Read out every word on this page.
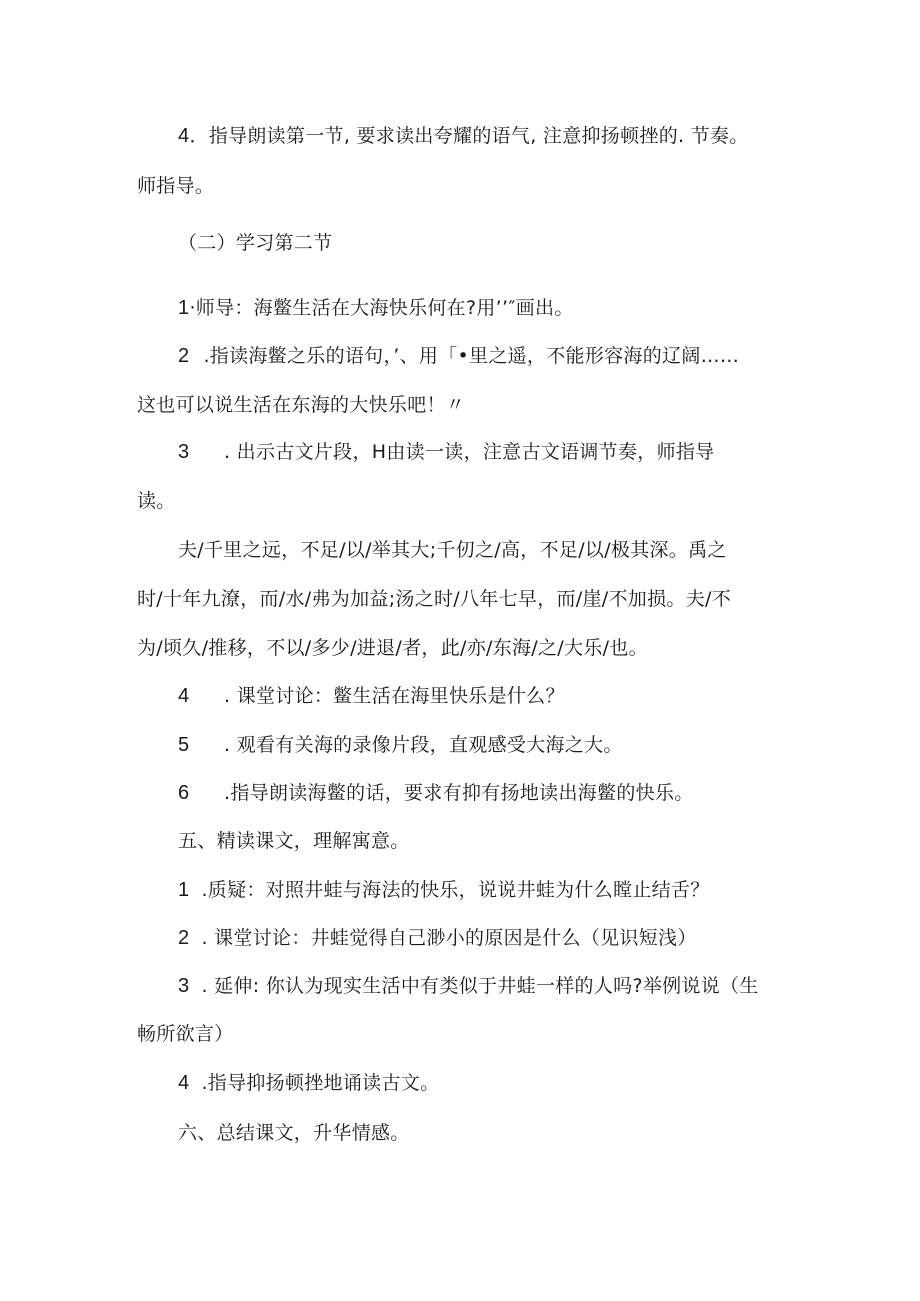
4．指导朗读第一节, 要求读出夸耀的语气, 注意抑扬顿挫的. 节奏。
师指导。
（二）学习第二节
1·师导：海鳖生活在大海快乐何在?用’’″画出。
2 .指读海鳖之乐的语句，’、用「•里之遥，不能形容海的辽阔……
这也可以说生活在东海的大快乐吧！〃
3 . 出示古文片段，H由读一读，注意古文语调节奏，师指导
读。
夫/千里之远，不足/以/举其大;千仞之/高，不足/以/极其深。禹之
时/十年九潦，而/水/弗为加益;汤之时/八年七早，而/崖/不加损。夫/不
为/顷久/推移，不以/多少/进退/者，此/亦/东海/之/大乐/也。
4 . 课堂讨论：鳖生活在海里快乐是什么？
5 . 观看有关海的录像片段，直观感受大海之大。
6 .指导朗读海鳖的话，要求有抑有扬地读出海鳖的快乐。
五、精读课文，理解寓意。
1 .质疑：对照井蛙与海法的快乐，说说井蛙为什么瞠止结舌？
2 . 课堂讨论：井蛙觉得自己渺小的原因是什么（见识短浅）
3 . 延伸: 你认为现实生活中有类似于井蛙一样的人吗?举例说说（生
畅所欲言）
4 .指导抑扬顿挫地诵读古文。
六、总结课文，升华情感。
